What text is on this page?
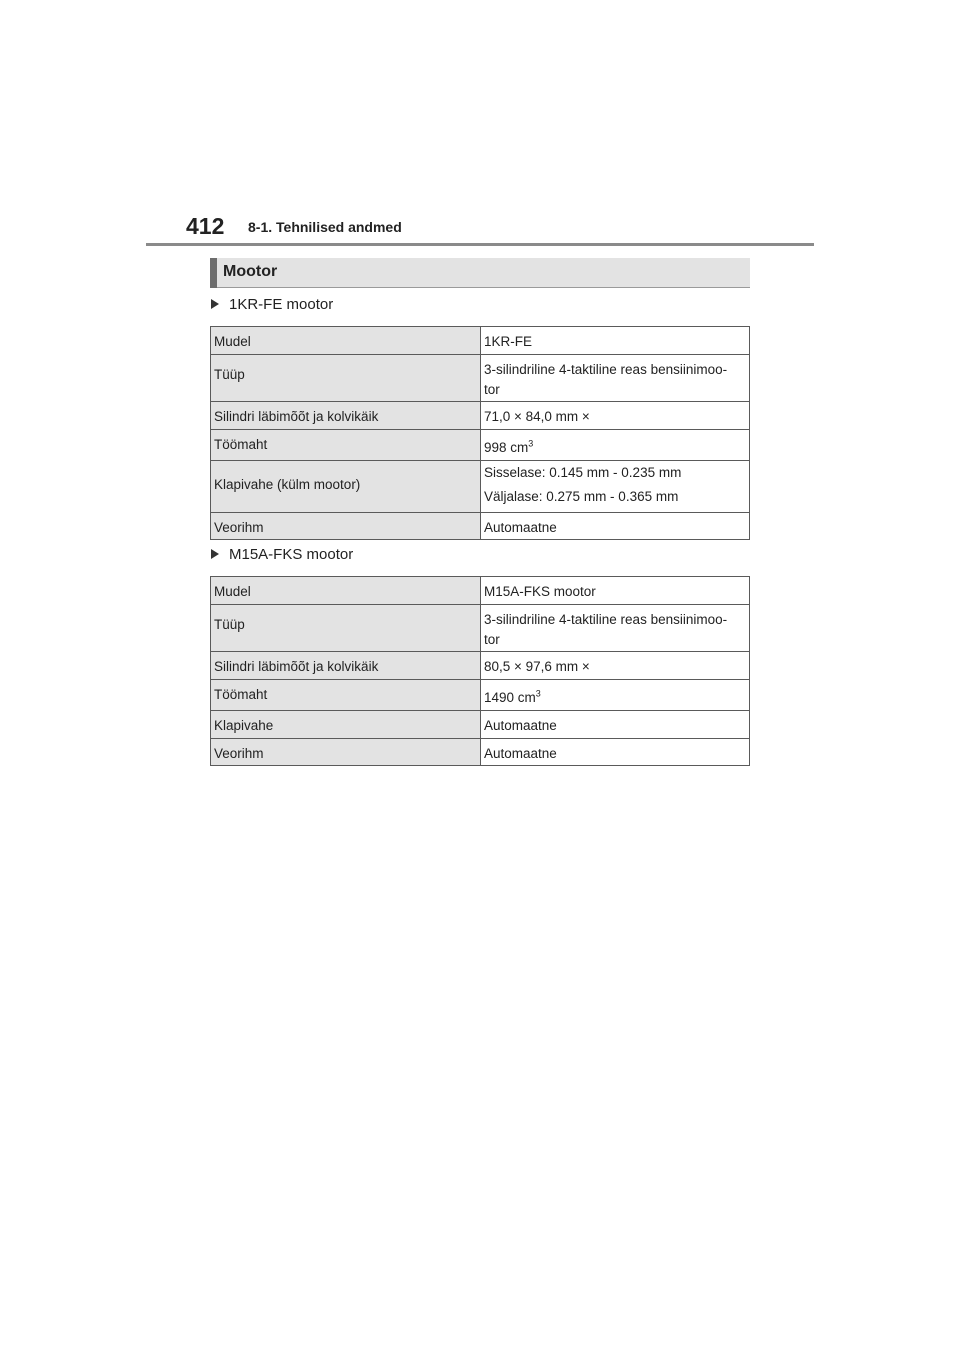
412 8-1. Tehnilised andmed
Mootor
1KR-FE mootor
Mudel	1KR-FE
Tüüp	3-silindriline 4-taktiline reas bensiinimoo-
tor

Silindri läbimõõt ja kolvikäik	71,0 × 84,0 mm ×
Töömaht	998 $cm^3$
Klapivahe (külm mootor)	Sisselase: 0.145 mm - 0.235 mm
Väljalase: 0.275 mm - 0.365 mm

Veorihm	Automaatne
M15A-FKS mootor
Mudel	M15A-FKS mootor
Tüüp	3-silindriline 4-taktiline reas bensiinimoo-
tor

Silindri läbimõõt ja kolvikäik	80,5 × 97,6 mm ×
Töömaht	1490 $cm^3$
Klapivahe	Automaatne
Veorihm	Automaatne
